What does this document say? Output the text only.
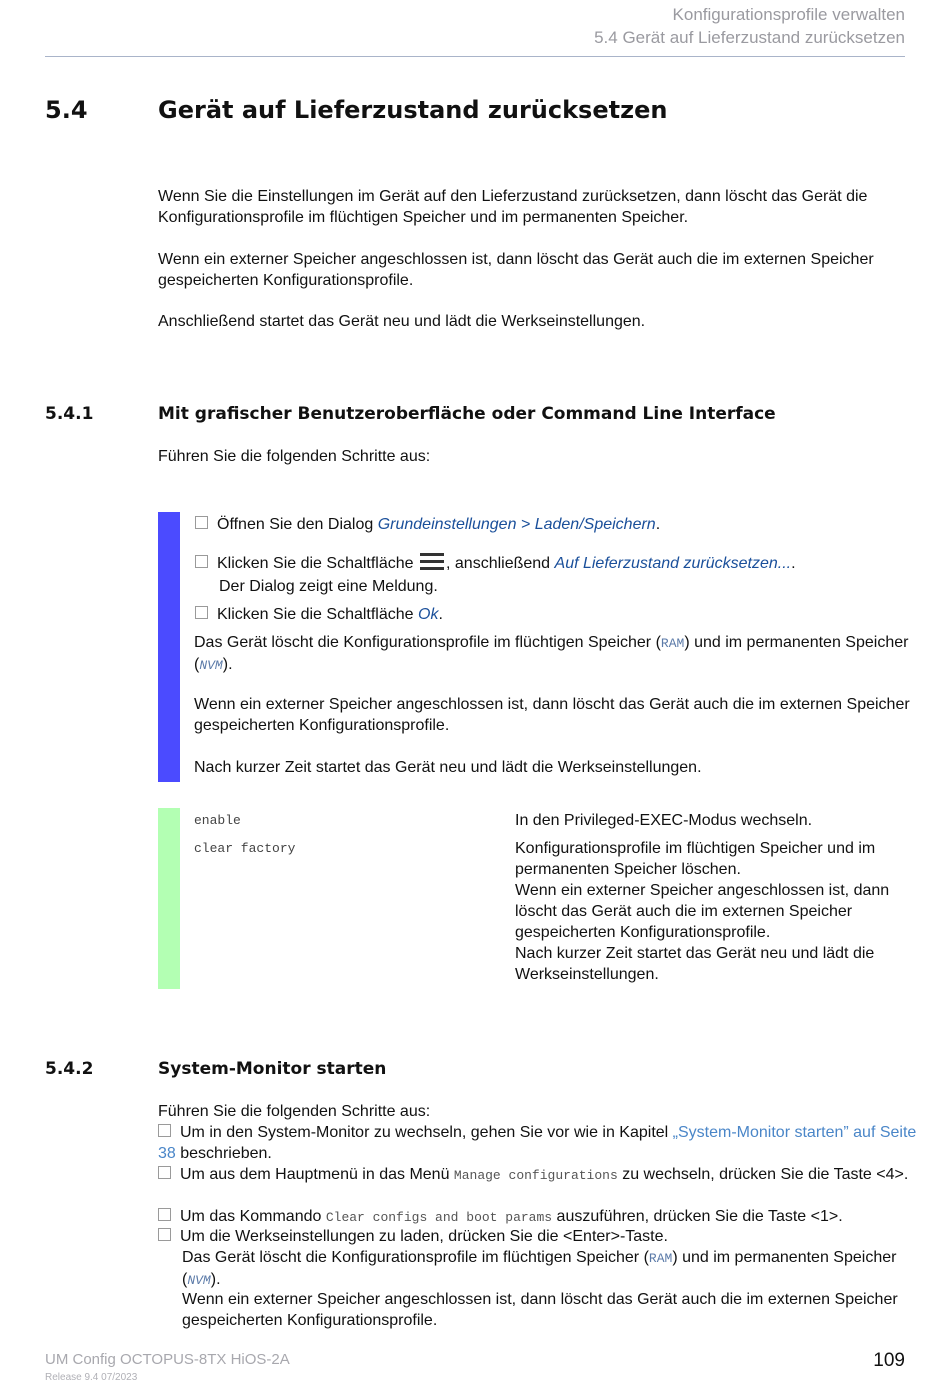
Konfigurationsprofile verwalten
5.4 Gerät auf Lieferzustand zurücksetzen
5.4	Gerät auf Lieferzustand zurücksetzen
Wenn Sie die Einstellungen im Gerät auf den Lieferzustand zurücksetzen, dann löscht das Gerät die Konfigurationsprofile im flüchtigen Speicher und im permanenten Speicher.
Wenn ein externer Speicher angeschlossen ist, dann löscht das Gerät auch die im externen Speicher gespeicherten Konfigurationsprofile.
Anschließend startet das Gerät neu und lädt die Werkseinstellungen.
5.4.1	Mit grafischer Benutzeroberfläche oder Command Line Interface
Führen Sie die folgenden Schritte aus:
Öffnen Sie den Dialog Grundeinstellungen > Laden/Speichern.
Klicken Sie die Schaltfläche
, anschließend Auf Lieferzustand zurücksetzen....
Der Dialog zeigt eine Meldung.
Klicken Sie die Schaltfläche Ok.
Das Gerät löscht die Konfigurationsprofile im flüchtigen Speicher (RAM) und im permanenten Speicher (NVM).
Wenn ein externer Speicher angeschlossen ist, dann löscht das Gerät auch die im externen Speicher gespeicherten Konfigurationsprofile.
Nach kurzer Zeit startet das Gerät neu und lädt die Werkseinstellungen.
enable	In den Privileged-EXEC-Modus wechseln.
clear factory	Konfigurationsprofile im flüchtigen Speicher und im permanenten Speicher löschen.
Wenn ein externer Speicher angeschlossen ist, dann löscht das Gerät auch die im externen Speicher gespeicherten Konfigurationsprofile.
Nach kurzer Zeit startet das Gerät neu und lädt die Werkseinstellungen.
5.4.2	System-Monitor starten
Führen Sie die folgenden Schritte aus:
Um in den System-Monitor zu wechseln, gehen Sie vor wie in Kapitel „System-Monitor starten” auf Seite 38 beschrieben.
Um aus dem Hauptmenü in das Menü Manage configurations zu wechseln, drücken Sie die Taste <4>.
Um das Kommando Clear configs and boot params auszuführen, drücken Sie die Taste <1>.
Um die Werkseinstellungen zu laden, drücken Sie die <Enter>-Taste.
Das Gerät löscht die Konfigurationsprofile im flüchtigen Speicher (RAM) und im permanenten Speicher (NVM).
Wenn ein externer Speicher angeschlossen ist, dann löscht das Gerät auch die im externen Speicher gespeicherten Konfigurationsprofile.
UM Config OCTOPUS-8TX HiOS-2A
Release 9.4 07/2023
109
